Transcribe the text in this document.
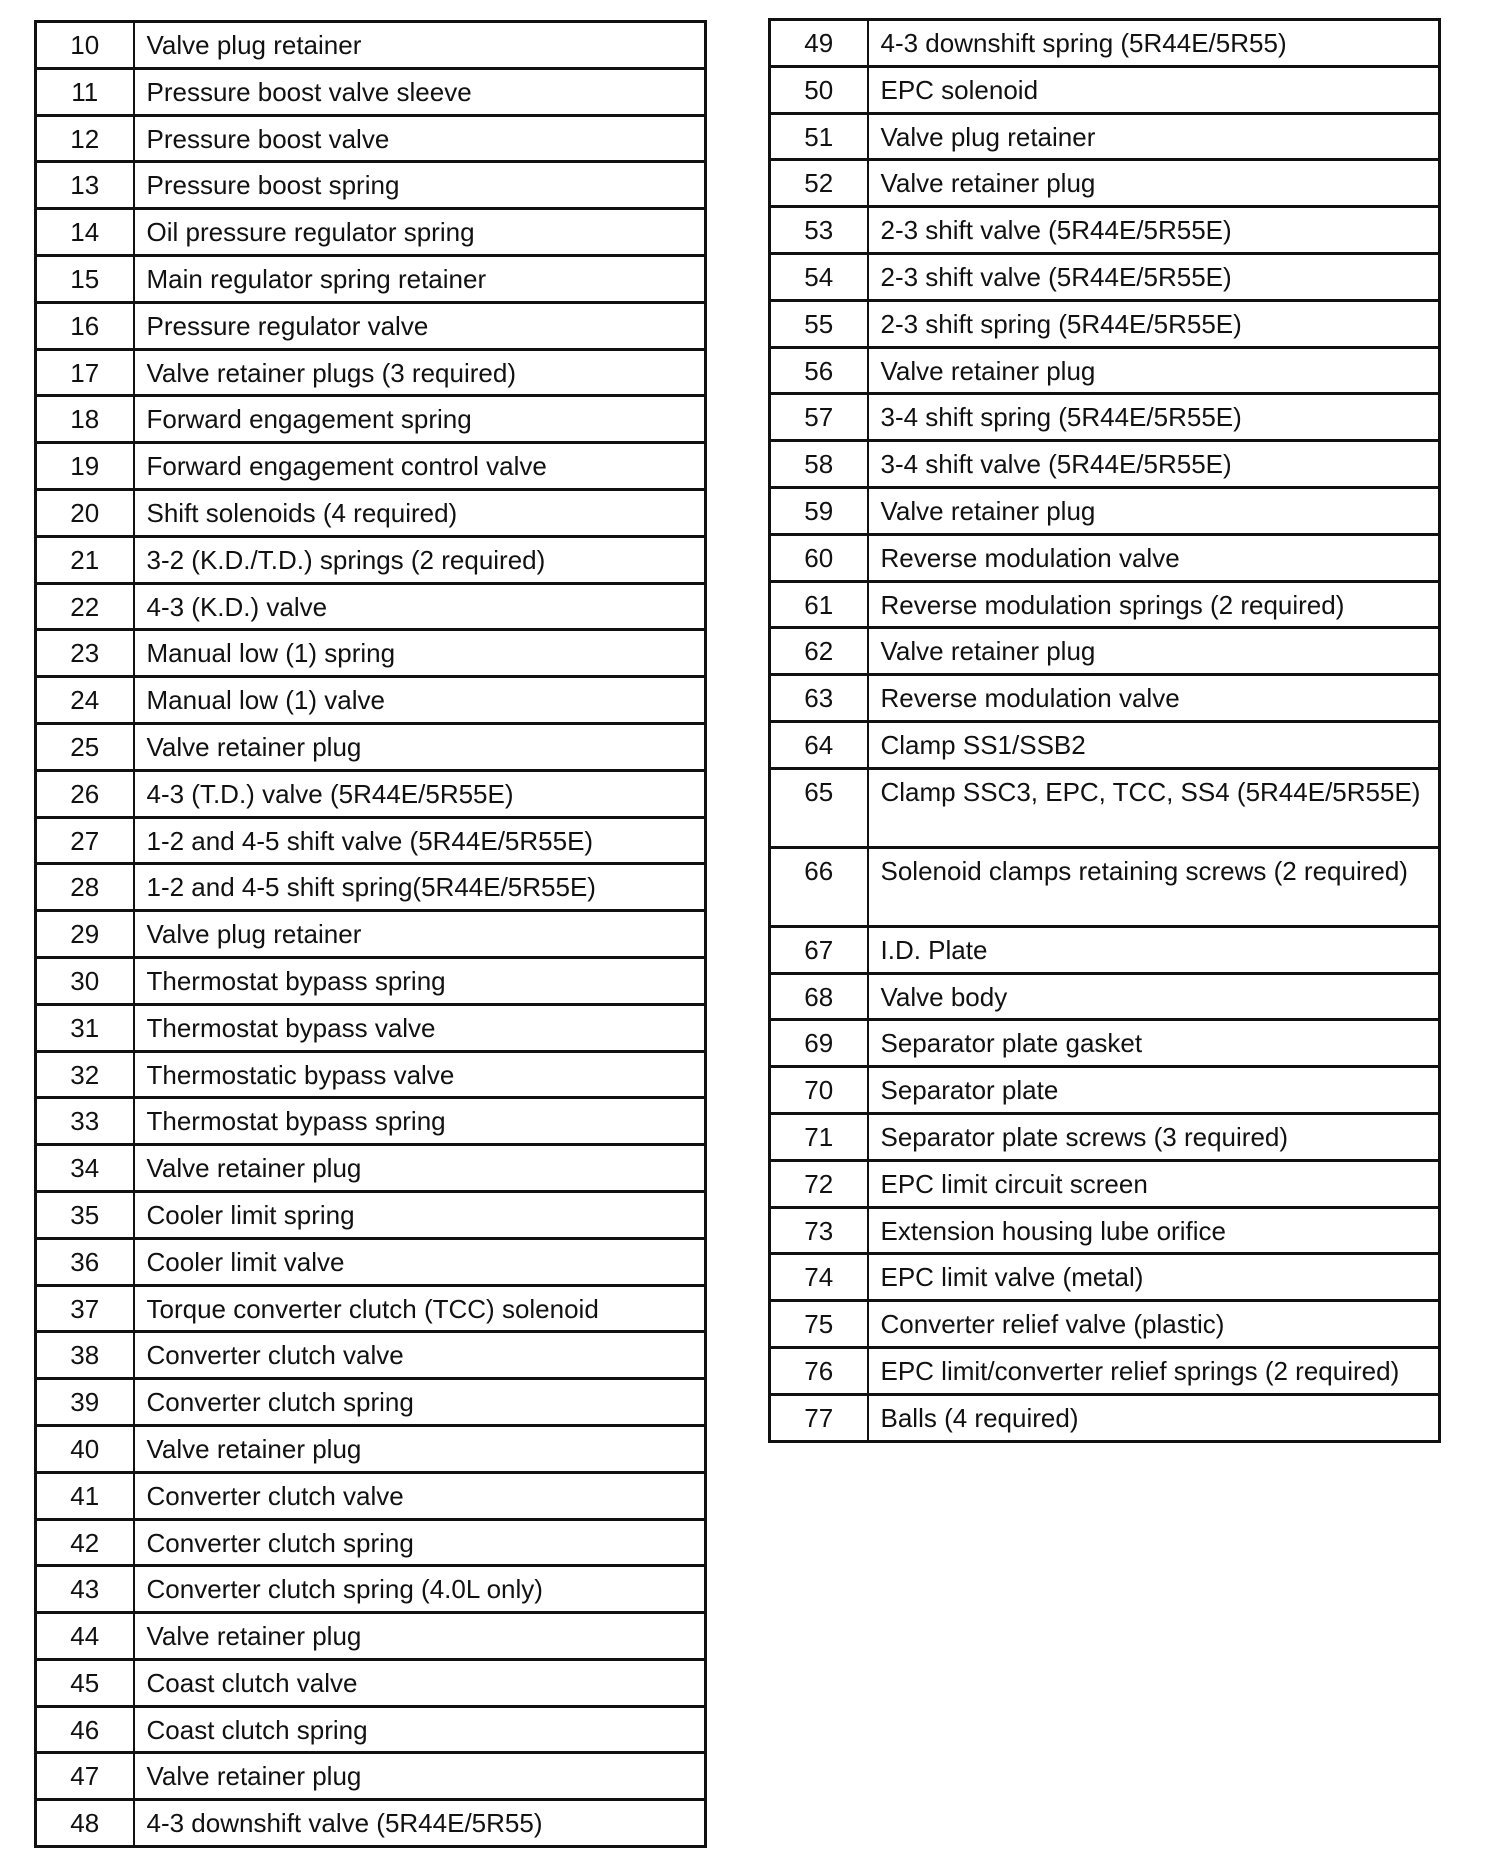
10	Valve plug retainer
11	Pressure boost valve sleeve
12	Pressure boost valve
13	Pressure boost spring
14	Oil pressure regulator spring
15	Main regulator spring retainer
16	Pressure regulator valve
17	Valve retainer plugs (3 required)
18	Forward engagement spring
19	Forward engagement control valve
20	Shift solenoids (4 required)
21	3-2 (K.D./T.D.) springs (2 required)
22	4-3 (K.D.) valve
23	Manual low (1) spring
24	Manual low (1) valve
25	Valve retainer plug
26	4-3 (T.D.) valve (5R44E/5R55E)
27	1-2 and 4-5 shift valve (5R44E/5R55E)
28	1-2 and 4-5 shift spring(5R44E/5R55E)
29	Valve plug retainer
30	Thermostat bypass spring
31	Thermostat bypass valve
32	Thermostatic bypass valve
33	Thermostat bypass spring
34	Valve retainer plug
35	Cooler limit spring
36	Cooler limit valve
37	Torque converter clutch (TCC) solenoid
38	Converter clutch valve
39	Converter clutch spring
40	Valve retainer plug
41	Converter clutch valve
42	Converter clutch spring
43	Converter clutch spring (4.0L only)
44	Valve retainer plug
45	Coast clutch valve
46	Coast clutch spring
47	Valve retainer plug
48	4-3 downshift valve (5R44E/5R55)
49	4-3 downshift spring (5R44E/5R55)
50	EPC solenoid
51	Valve plug retainer
52	Valve retainer plug
53	2-3 shift valve (5R44E/5R55E)
54	2-3 shift valve (5R44E/5R55E)
55	2-3 shift spring (5R44E/5R55E)
56	Valve retainer plug
57	3-4 shift spring (5R44E/5R55E)
58	3-4 shift valve (5R44E/5R55E)
59	Valve retainer plug
60	Reverse modulation valve
61	Reverse modulation springs (2 required)
62	Valve retainer plug
63	Reverse modulation valve
64	Clamp SS1/SSB2
65	Clamp SSC3, EPC, TCC, SS4 (5R44E/5R55E)
66	Solenoid clamps retaining screws (2 required)
67	I.D. Plate
68	Valve body
69	Separator plate gasket
70	Separator plate
71	Separator plate screws (3 required)
72	EPC limit circuit screen
73	Extension housing lube orifice
74	EPC limit valve (metal)
75	Converter relief valve (plastic)
76	EPC limit/converter relief springs (2 required)
77	Balls (4 required)
